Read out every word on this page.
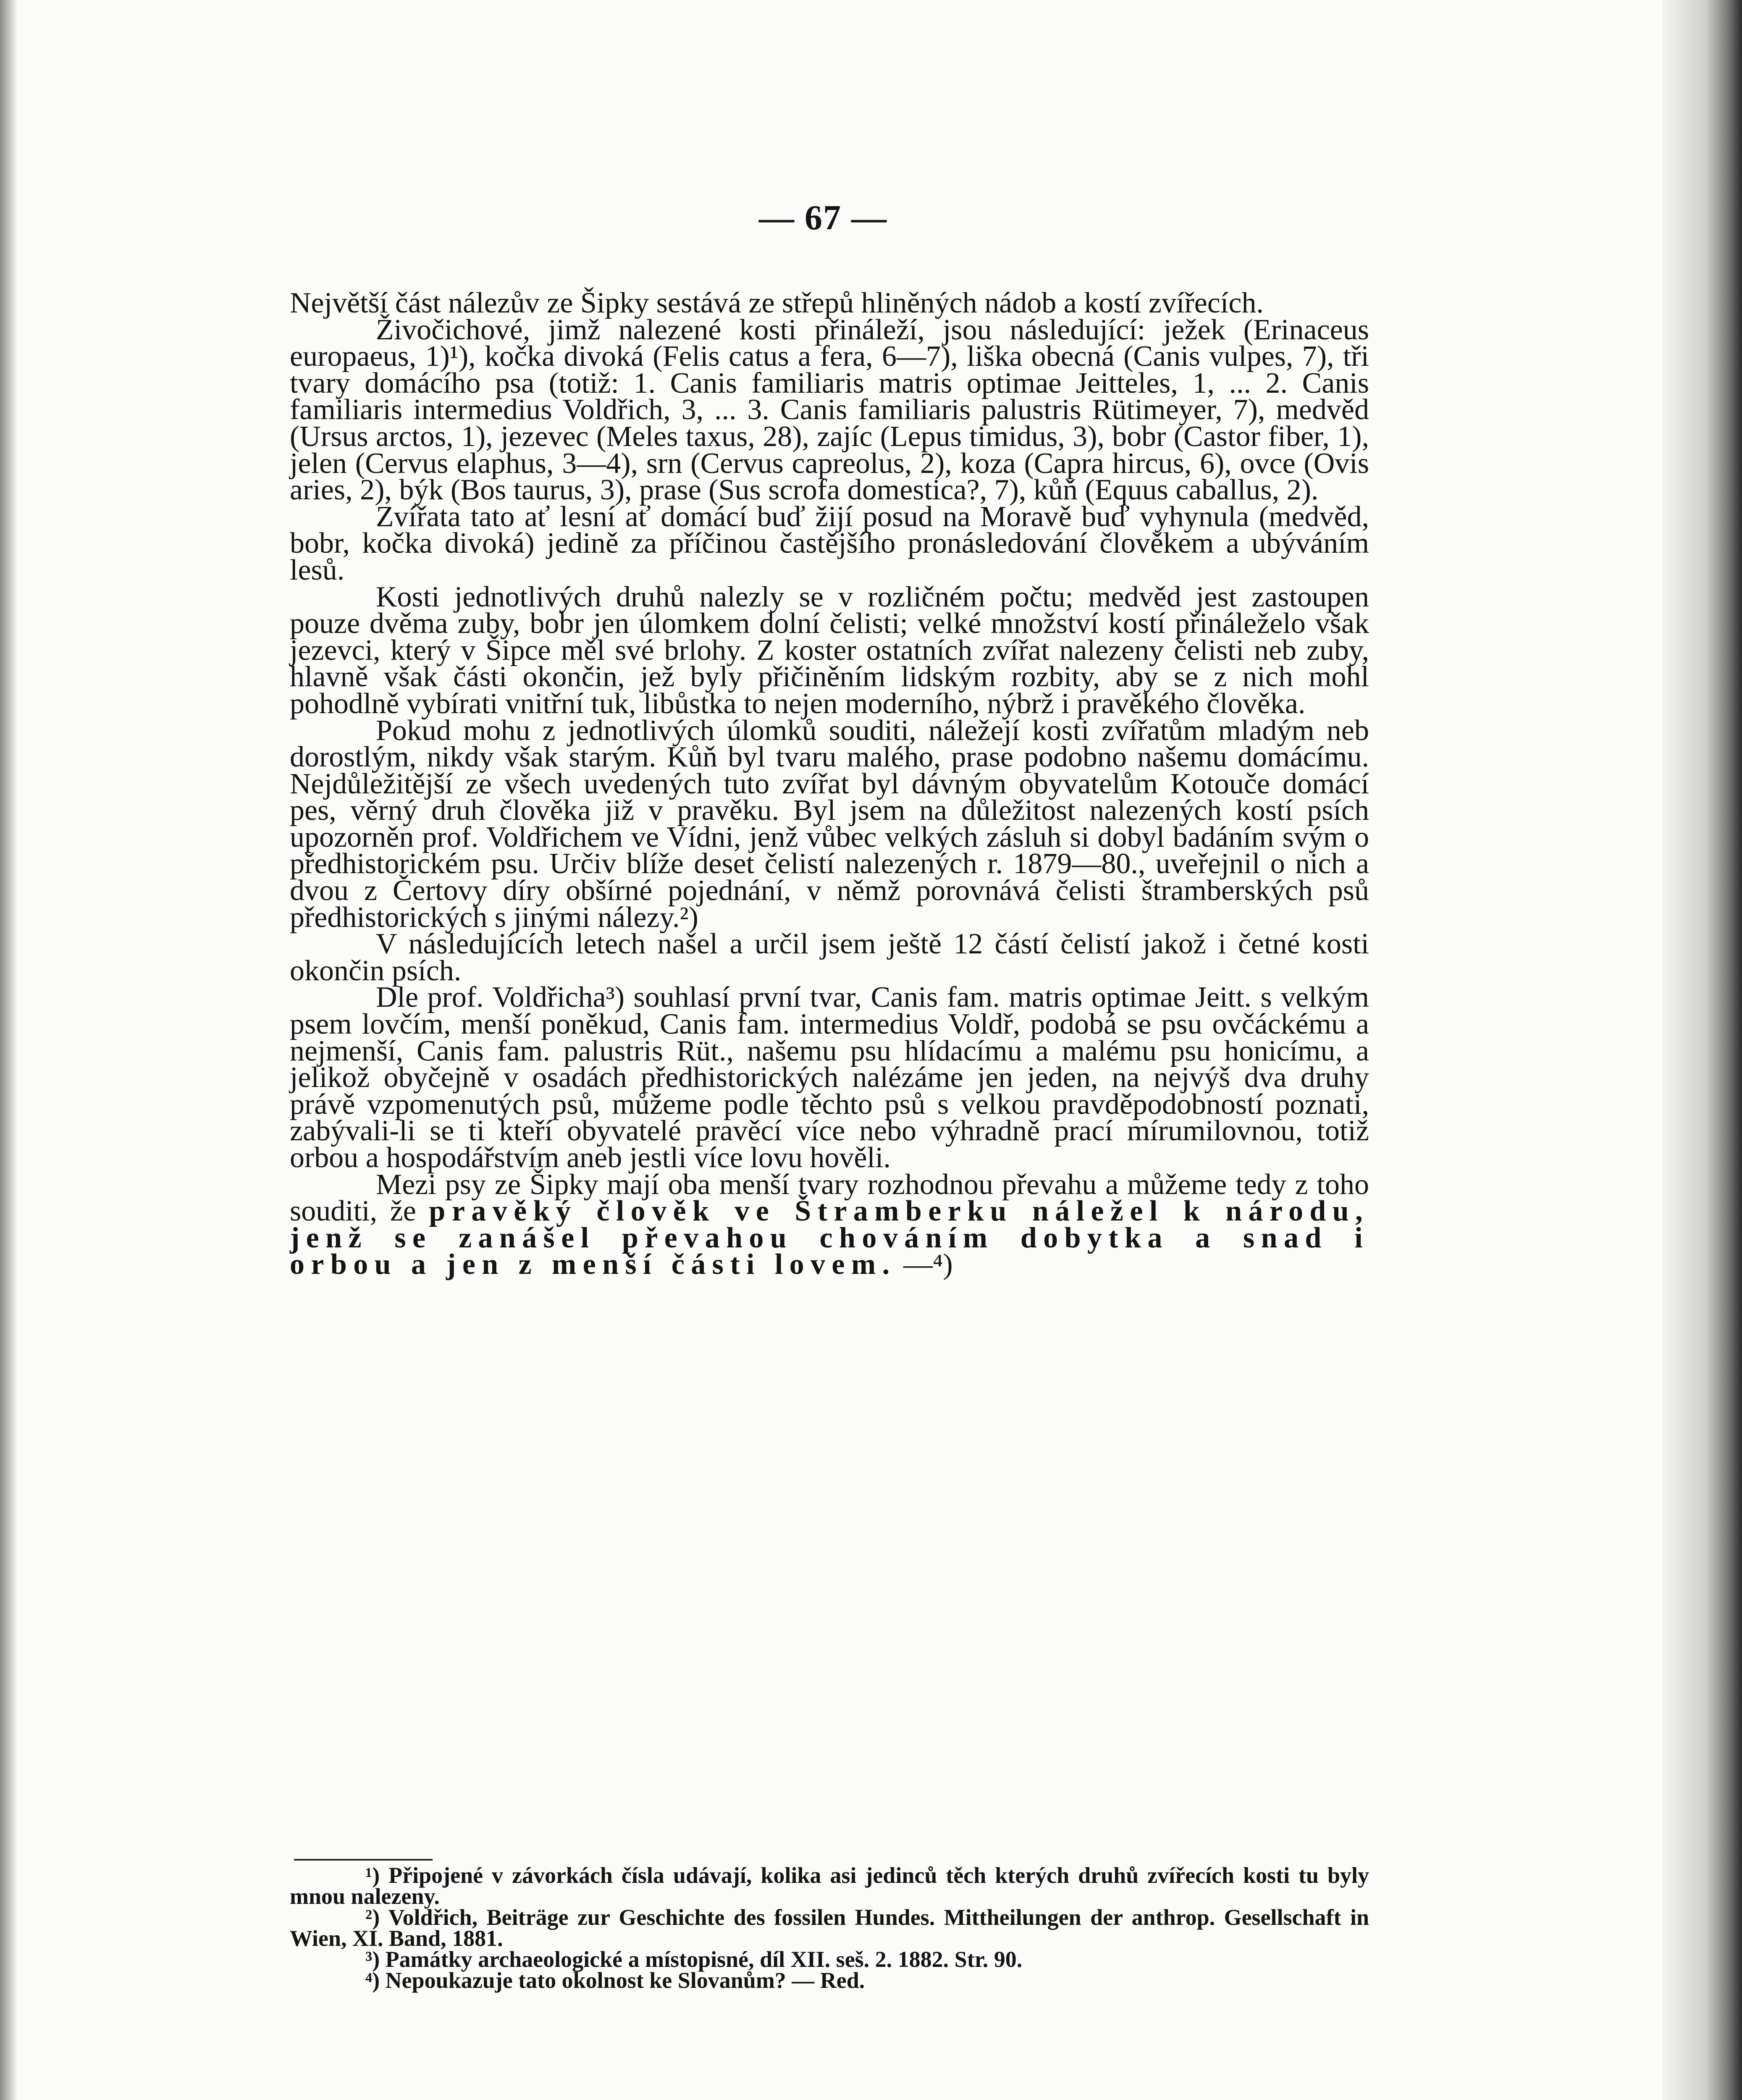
— 67 —

Největší část nálezův ze Šipky sestává ze střepů hliněných nádob a kostí zvířecích.

Živočichové, jimž nalezené kosti přináleží, jsou následující: ježek (Erinaceus europaeus, 1)¹), kočka divoká (Felis catus a fera, 6—7), liška obecná (Canis vulpes, 7), tři tvary domácího psa (totiž: 1. Canis familiaris matris optimae Jeitteles, 1, ... 2. Canis familiaris intermedius Voldřich, 3, ... 3. Canis familiaris palustris Rütimeyer, 7), medvěd (Ursus arctos, 1), jezevec (Meles taxus, 28), zajíc (Lepus timidus, 3), bobr (Castor fiber, 1), jelen (Cervus elaphus, 3—4), srn (Cervus capreolus, 2), koza (Capra hircus, 6), ovce (Ovis aries, 2), býk (Bos taurus, 3), prase (Sus scrofa domestica?, 7), kůň (Equus caballus, 2).

Zvířata tato ať lesní ať domácí buď žijí posud na Moravě buď vyhynula (medvěd, bobr, kočka divoká) jedině za příčinou častějšího pronásledování člověkem a ubýváním lesů.

Kosti jednotlivých druhů nalezly se v rozličném počtu; medvěd jest zastoupen pouze dvěma zuby, bobr jen úlomkem dolní čelisti; velké množství kostí přináleželo však jezevci, který v Šipce měl své brlohy. Z koster ostatních zvířat nalezeny čelisti neb zuby, hlavně však části okončin, jež byly přičiněním lidským rozbity, aby se z nich mohl pohodlně vybírati vnitřní tuk, libůstka to nejen moderního, nýbrž i pravěkého člověka.

Pokud mohu z jednotlivých úlomků souditi, náležejí kosti zvířatům mladým neb dorostlým, nikdy však starým. Kůň byl tvaru malého, prase podobno našemu domácímu. Nejdůležitější ze všech uvedených tuto zvířat byl dávným obyvatelům Kotouče domácí pes, věrný druh člověka již v pravěku. Byl jsem na důležitost nalezených kostí psích upozorněn prof. Voldřichem ve Vídni, jenž vůbec velkých zásluh si dobyl badáním svým o předhistorickém psu. Určiv blíže deset čelistí nalezených r. 1879—80., uveřejnil o nich a dvou z Čertovy díry obšírné pojednání, v němž porovnává čelisti štramberských psů předhistorických s jinými nálezy.²)

V následujících letech našel a určil jsem ještě 12 částí čelistí jakož i četné kosti okončin psích.

Dle prof. Voldřicha³) souhlasí první tvar, Canis fam. matris optimae Jeitt. s velkým psem lovčím, menší poněkud, Canis fam. intermedius Voldř, podobá se psu ovčáckému a nejmenší, Canis fam. palustris Rüt., našemu psu hlídacímu a malému psu honicímu, a jelikož obyčejně v osadách předhistorických nalézáme jen jeden, na nejvýš dva druhy právě vzpomenutých psů, můžeme podle těchto psů s velkou pravděpodobností poznati, zabývali-li se ti kteří obyvatelé pravěcí více nebo výhradně prací mírumilovnou, totiž orbou a hospodářstvím aneb jestli více lovu hověli.

Mezi psy ze Šipky mají oba menší tvary rozhodnou převahu a můžeme tedy z toho souditi, že pravěký člověk ve Štramberku náležel k národu, jenž se zanášel převahou chováním dobytka a snad i orbou a jen z menší části lovem. —⁴)

¹) Připojené v závorkách čísla udávají, kolika asi jedinců těch kterých druhů zvířecích kosti tu byly mnou nalezeny.

²) Voldřich, Beiträge zur Geschichte des fossilen Hundes. Mittheilungen der anthrop. Gesellschaft in Wien, XI. Band, 1881.

³) Památky archaeologické a místopisné, díl XII. seš. 2. 1882. Str. 90.

⁴) Nepoukazuje tato okolnost ke Slovanům? — Red.
